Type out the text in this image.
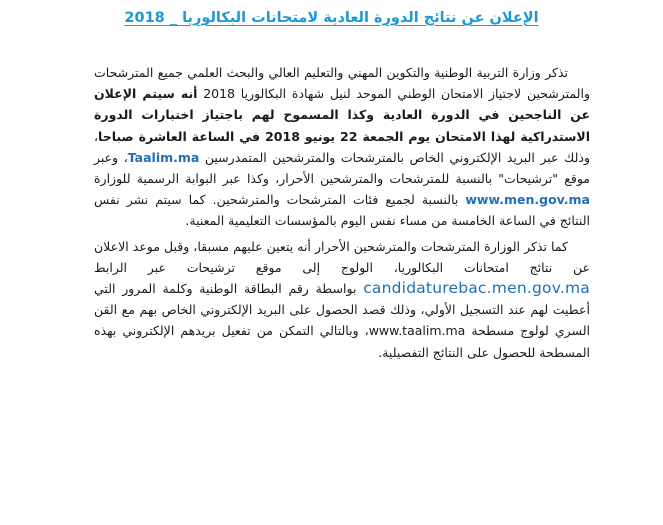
الإعلان عن نتائج الدورة العادية لامتحانات البكالوريا _ 2018

تذكر وزارة التربية الوطنية والتكوين المهني والتعليم العالي والبحث العلمي جميع المترشحات والمترشحين لاجتياز الامتحان الوطني الموحد لنيل شهادة البكالوريا 2018 أنه سيتم الإعلان عن الناجحين في الدورة العادية وكذا المسموح لهم باجتياز اختبارات الدورة الاستدراكية لهذا الامتحان يوم الجمعة 22 يونيو 2018 في الساعة العاشرة صباحا، وذلك عبر البريد الإلكتروني الخاص بالمترشحات والمترشحين المتمدرسين Taalim.ma، وعبر موقع "ترشيحات" بالنسبة للمترشحات والمترشحين الأحرار، وكذا عبر البوابة الرسمية للوزارة www.men.gov.ma بالنسبة لجميع فئات المترشحات والمترشحين. كما سيتم نشر نفس النتائج في الساعة الخامسة من مساء نفس اليوم بالمؤسسات التعليمية المعنية.

كما تذكر الوزارة المترشحات والمترشحين الأحرار أنه يتعين عليهم مسبقا، وقبل موعد الاعلان عن نتائج امتحانات البكالوريا، الولوج إلى موقع ترشيحات عبر الرابط candidaturebac.men.gov.ma بواسطة رقم البطاقة الوطنية وكلمة المرور التي أعطيت لهم عند التسجيل الأولي، وذلك قصد الحصول على البريد الإلكتروني الخاص بهم مع القن السري لولوج مسطحة www.taalim.ma، وبالتالي التمكن من تفعيل بريدهم الإلكتروني بهذه المسطحة للحصول على النتائج التفصيلية.
